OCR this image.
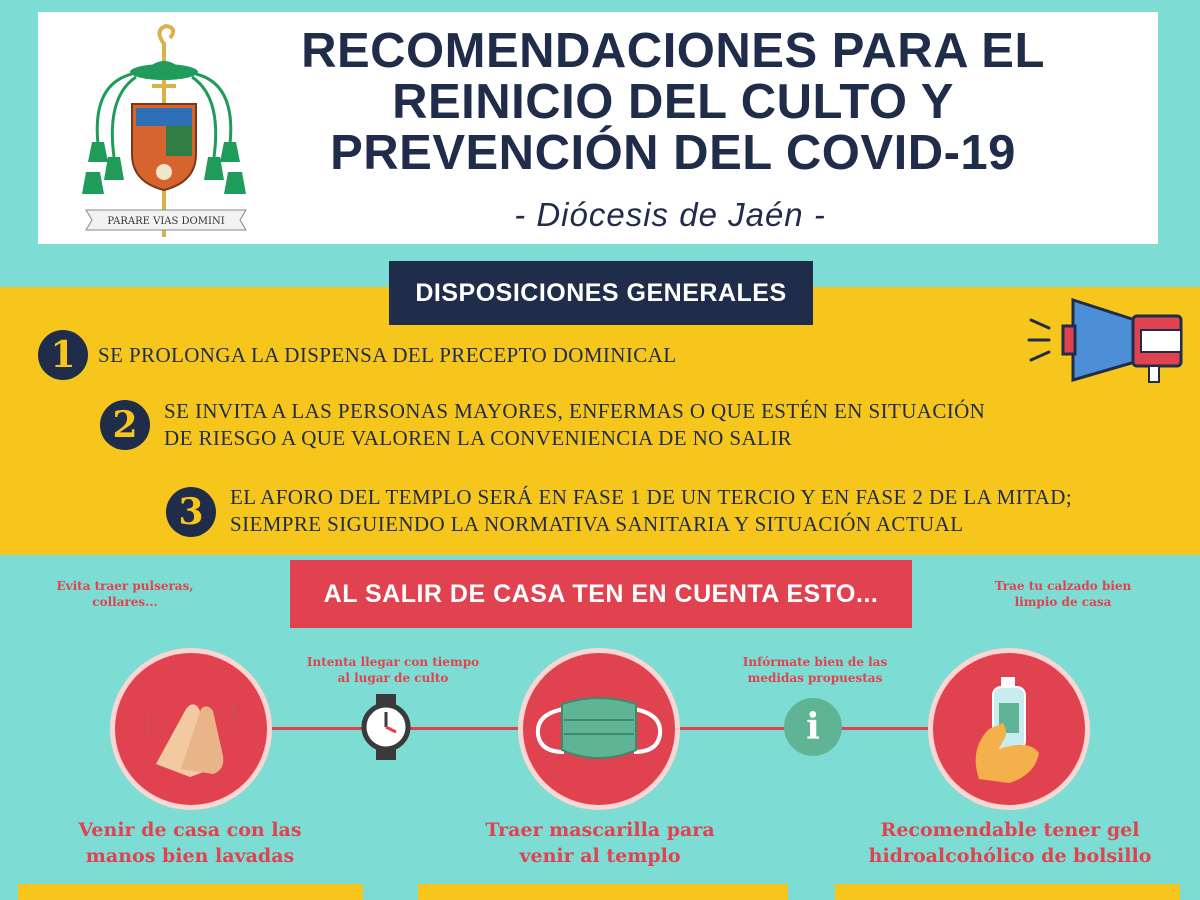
PARARE VIAS DOMINI
RECOMENDACIONES PARA EL
REINICIO DEL CULTO Y
PREVENCIÓN DEL COVID-19
- Diócesis de Jaén -
DISPOSICIONES GENERALES
1	SE PROLONGA LA DISPENSA DEL PRECEPTO DOMINICAL
2	SE INVITA A LAS PERSONAS MAYORES, ENFERMAS O QUE ESTÉN EN SITUACIÓN
DE RIESGO A QUE VALOREN LA CONVENIENCIA DE NO SALIR
3	EL AFORO DEL TEMPLO SERÁ EN FASE 1 DE UN TERCIO Y EN FASE 2 DE LA MITAD;
SIEMPRE SIGUIENDO LA NORMATIVA SANITARIA Y SITUACIÓN ACTUAL
AL SALIR DE CASA TEN EN CUENTA ESTO...
Evita traer pulseras,
collares...
Trae tu calzado bien
limpio de casa
Intenta llegar con tiempo
al lugar de culto
Infórmate bien de las
medidas propuestas
i
Venir de casa con las
manos bien lavadas
Traer mascarilla para
venir al templo
Recomendable tener gel
hidroalcohólico de bolsillo
